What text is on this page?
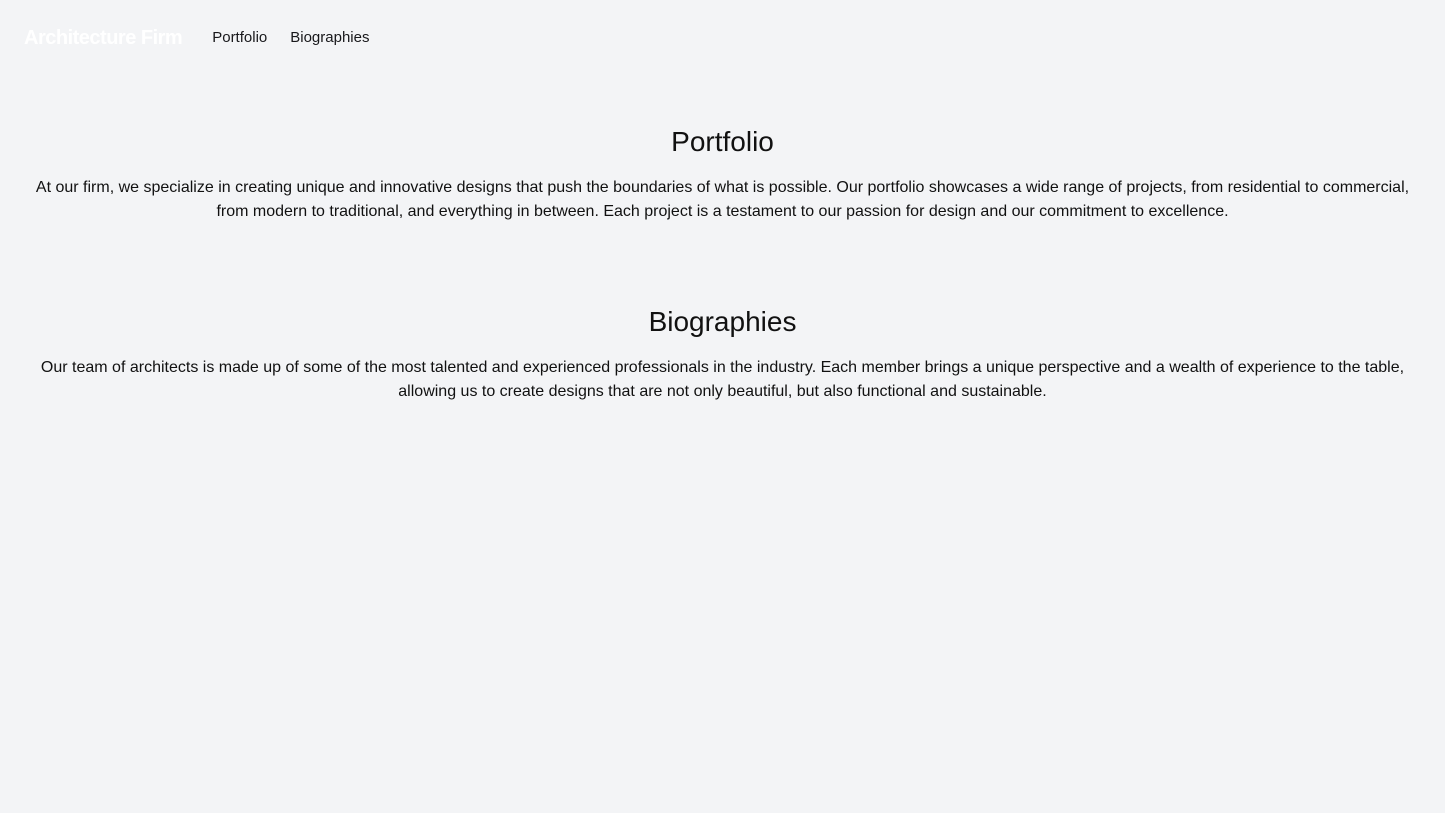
Architecture Firm Portfolio Biographies
Portfolio

At our firm, we specialize in creating unique and innovative designs that push the boundaries of what is possible. Our portfolio showcases a wide range of projects, from residential to commercial, from modern to traditional, and everything in between. Each project is a testament to our passion for design and our commitment to excellence.

Biographies

Our team of architects is made up of some of the most talented and experienced professionals in the industry. Each member brings a unique perspective and a wealth of experience to the table, allowing us to create designs that are not only beautiful, but also functional and sustainable.
